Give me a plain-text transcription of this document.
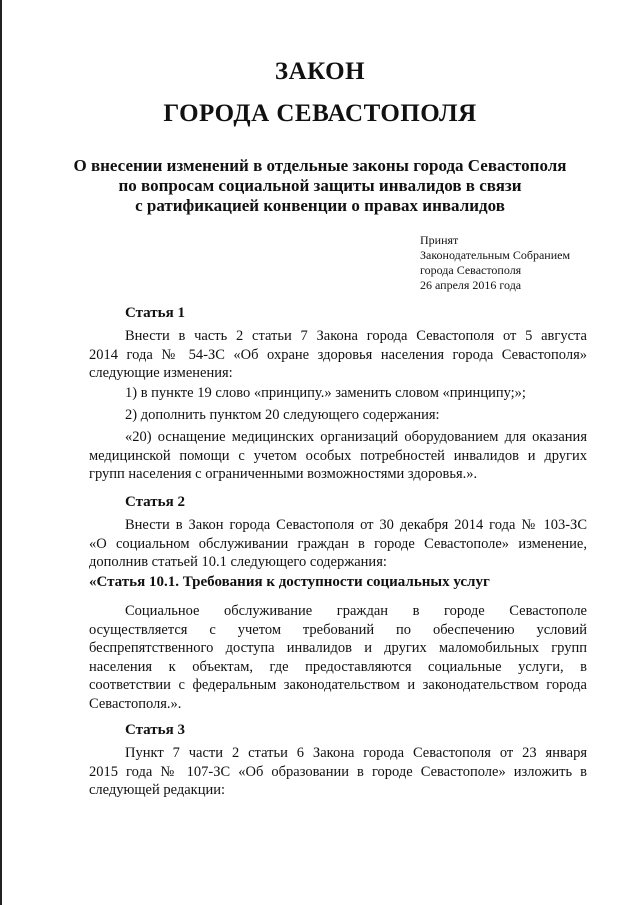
ЗАКОН
ГОРОДА СЕВАСТОПОЛЯ
О внесении изменений в отдельные законы города Севастополя
по вопросам социальной защиты инвалидов в связи
с ратификацией конвенции о правах инвалидов
Принят
Законодательным Собранием
города Севастополя
26 апреля 2016 года
Статья 1
Внести в часть 2 статьи 7 Закона города Севастополя от 5 августа
2014 года № 54-ЗС «Об охране здоровья населения города Севастополя»
следующие изменения:
1) в пункте 19 слово «принципу.» заменить словом «принципу;»;
2) дополнить пунктом 20 следующего содержания:
«20) оснащение медицинских организаций оборудованием для оказания
медицинской помощи с учетом особых потребностей инвалидов и других
групп населения с ограниченными возможностями здоровья.».
Статья 2
Внести в Закон города Севастополя от 30 декабря 2014 года № 103-ЗС
«О социальном обслуживании граждан в городе Севастополе» изменение,
дополнив статьей 10.1 следующего содержания:
«Статья 10.1. Требования к доступности социальных услуг
Социальное обслуживание граждан в городе Севастополе
осуществляется с учетом требований по обеспечению условий
беспрепятственного доступа инвалидов и других маломобильных групп
населения к объектам, где предоставляются социальные услуги, в
соответствии с федеральным законодательством и законодательством города
Севастополя.».
Статья 3
Пункт 7 части 2 статьи 6 Закона города Севастополя от 23 января
2015 года № 107-ЗС «Об образовании в городе Севастополе» изложить в
следующей редакции:
